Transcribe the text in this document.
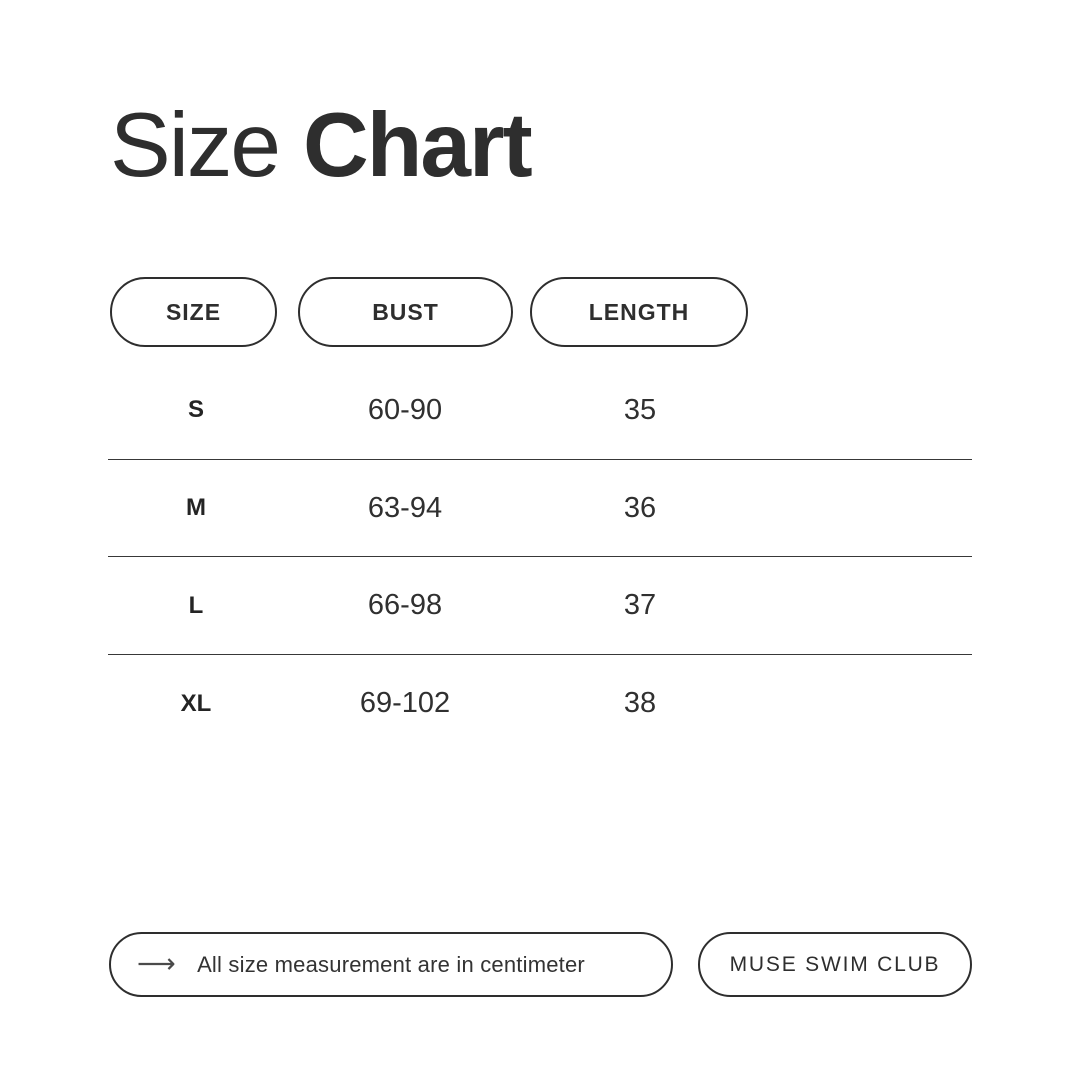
Size Chart
SIZE	BUST	LENGTH
S	60-90	35
M	63-94	36
L	66-98	37
XL	69-102	38
⟶ All size measurement are in centimeter	MUSE SWIM CLUB
